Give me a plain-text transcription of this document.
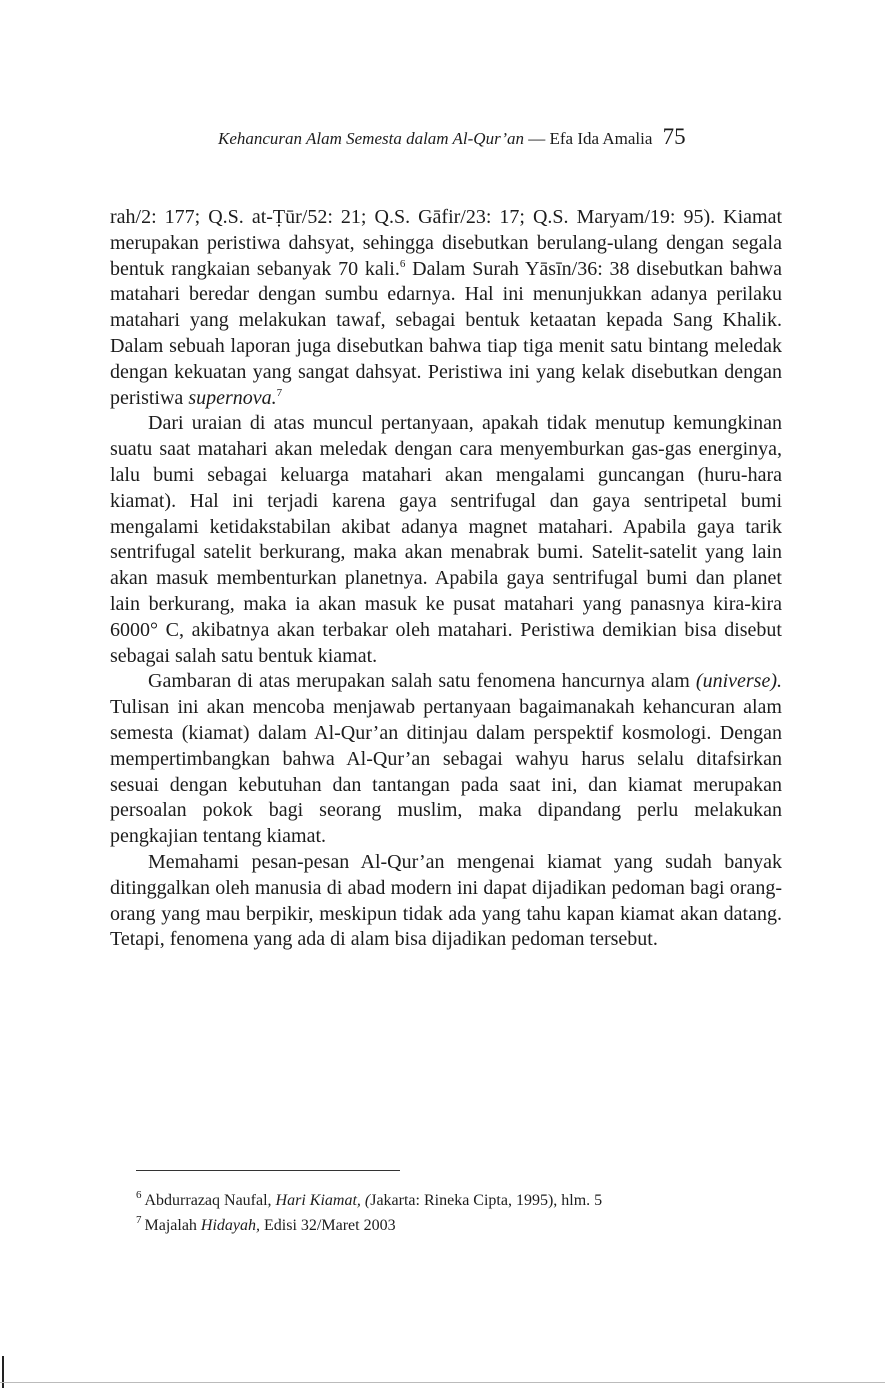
Kehancuran Alam Semesta dalam Al-Qur’an — Efa Ida Amalia 75

rah/2: 177; Q.S. at-Ṭūr/52: 21; Q.S. Gāfir/23: 17; Q.S. Maryam/19: 95). Kiamat merupakan peristiwa dahsyat, sehingga disebutkan berulang-ulang dengan segala bentuk rangkaian sebanyak 70 kali.$^6$ Dalam Surah Yāsīn/36: 38 disebutkan bahwa matahari beredar dengan sumbu edarnya. Hal ini menunjukkan adanya perilaku matahari yang melakukan tawaf, sebagai bentuk ketaatan kepada Sang Khalik. Dalam sebuah laporan juga disebutkan bahwa tiap tiga menit satu bintang meledak dengan kekuatan yang sangat dahsyat. Peristiwa ini yang kelak disebutkan dengan peristiwa supernova.$^7$

Dari uraian di atas muncul pertanyaan, apakah tidak menutup kemungkinan suatu saat matahari akan meledak dengan cara menyemburkan gas-gas energinya, lalu bumi sebagai keluarga matahari akan mengalami guncangan (huru-hara kiamat). Hal ini terjadi karena gaya sentrifugal dan gaya sentripetal bumi mengalami ketidakstabilan akibat adanya magnet matahari. Apabila gaya tarik sentrifugal satelit berkurang, maka akan menabrak bumi. Satelit-satelit yang lain akan masuk membenturkan planetnya. Apabila gaya sentrifugal bumi dan planet lain berkurang, maka ia akan masuk ke pusat matahari yang panasnya kira-kira 6000° C, akibatnya akan terbakar oleh matahari. Peristiwa demikian bisa disebut sebagai salah satu bentuk kiamat.

Gambaran di atas merupakan salah satu fenomena hancurnya alam (universe). Tulisan ini akan mencoba menjawab pertanyaan bagaimanakah kehancuran alam semesta (kiamat) dalam Al-Qur’an ditinjau dalam perspektif kosmologi. Dengan mempertimbangkan bahwa Al-Qur’an sebagai wahyu harus selalu ditafsirkan sesuai dengan kebutuhan dan tantangan pada saat ini, dan kiamat merupakan persoalan pokok bagi seorang muslim, maka dipandang perlu melakukan pengkajian tentang kiamat.

Memahami pesan-pesan Al-Qur’an mengenai kiamat yang sudah banyak ditinggalkan oleh manusia di abad modern ini dapat dijadikan pedoman bagi orang-orang yang mau berpikir, meskipun tidak ada yang tahu kapan kiamat akan datang. Tetapi, fenomena yang ada di alam bisa dijadikan pedoman tersebut.

$^6$ Abdurrazaq Naufal, Hari Kiamat, (Jakarta: Rineka Cipta, 1995), hlm. 5

$^7$ Majalah Hidayah, Edisi 32/Maret 2003
